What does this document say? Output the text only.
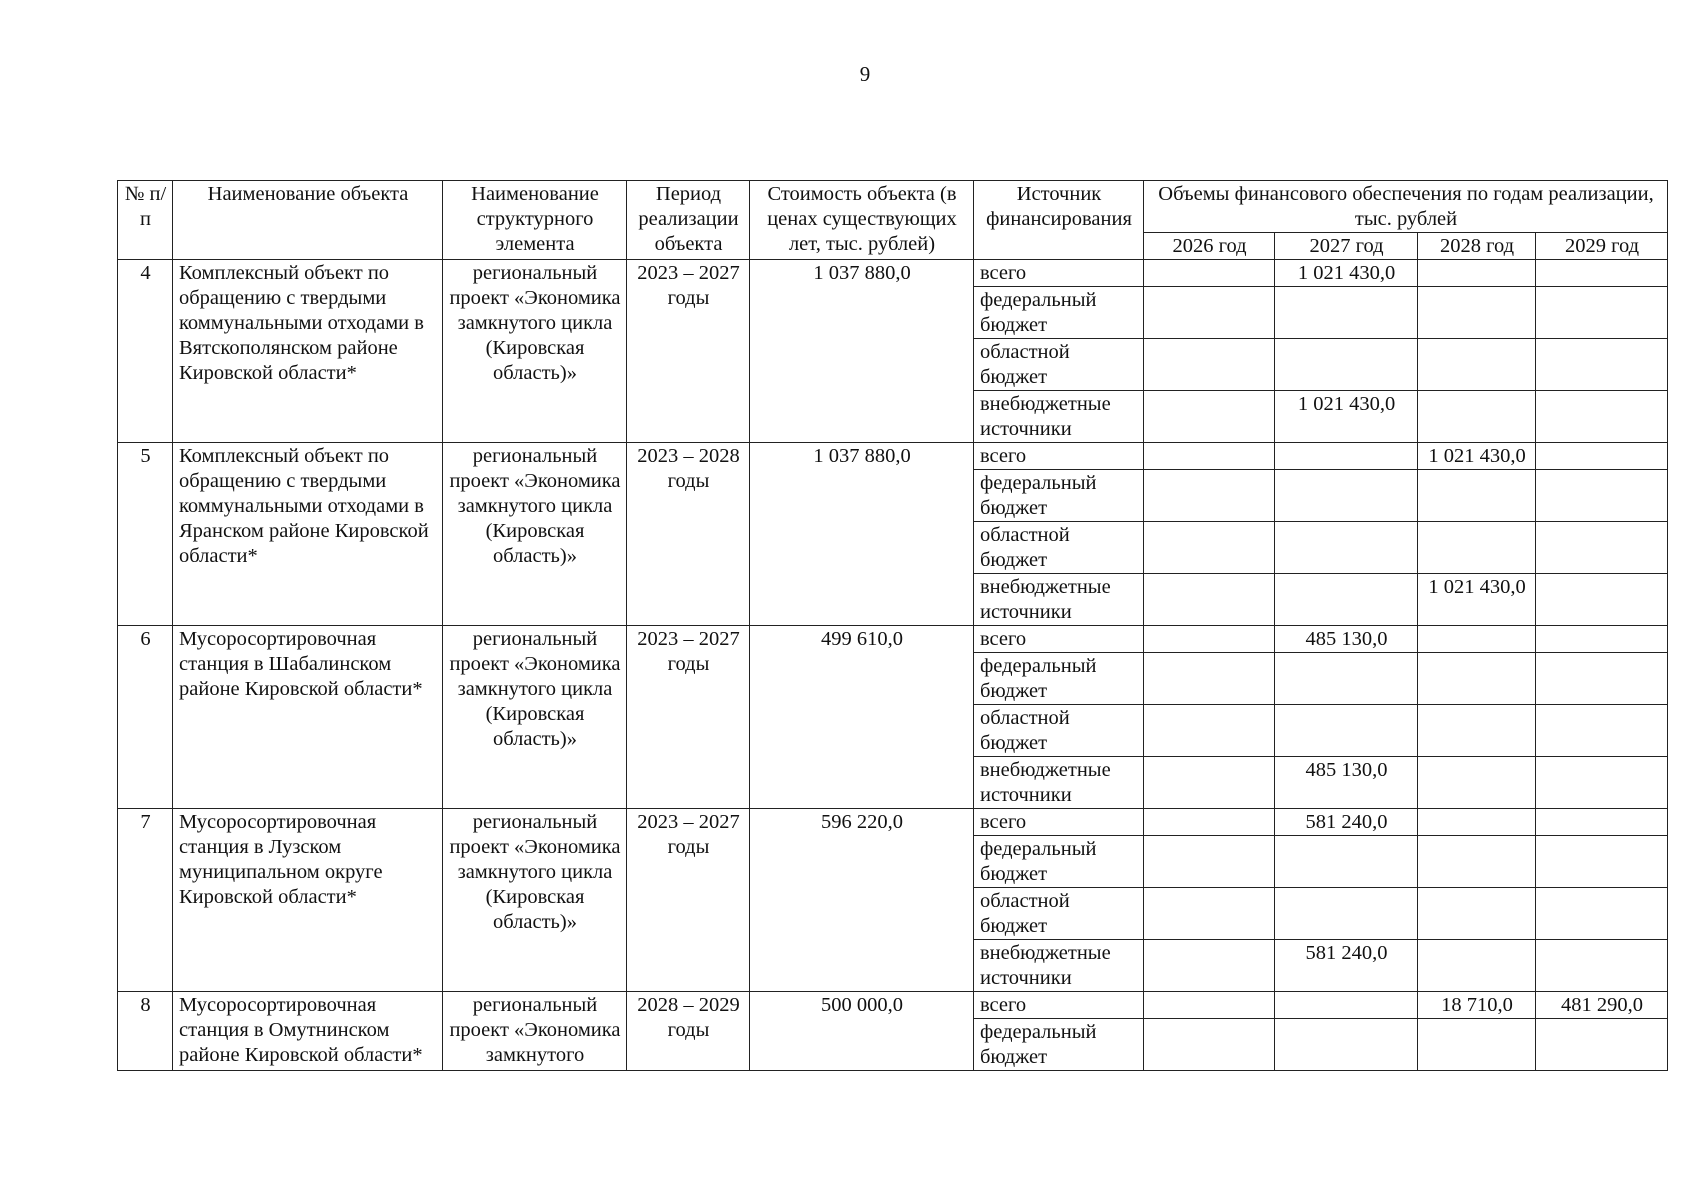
9
№ п/п	Наименование объекта	Наименование структурного элемента	Период реализации объекта	Стоимость объекта (в ценах существующих лет, тыс. рублей)	Источник финансирования	Объемы финансового обеспечения по годам реализации, тыс. рублей			
						2026 год	2027 год	2028 год	2029 год
4	Комплексный объект по обращению с твердыми коммунальными отходами в Вятскополянском районе Кировской области*	региональный проект «Экономика замкнутого цикла (Кировская область)»	2023 – 2027 годы	1 037 880,0	всего		1 021 430,0		
					федеральный бюджет				
					областной бюджет				
					внебюджетные источники		1 021 430,0		
5	Комплексный объект по обращению с твердыми коммунальными отходами в Яранском районе Кировской области*	региональный проект «Экономика замкнутого цикла (Кировская область)»	2023 – 2028 годы	1 037 880,0	всего			1 021 430,0	
					федеральный бюджет				
					областной бюджет				
					внебюджетные источники			1 021 430,0	
6	Мусоросортировочная станция в Шабалинском районе Кировской области*	региональный проект «Экономика замкнутого цикла (Кировская область)»	2023 – 2027 годы	499 610,0	всего		485 130,0		
					федеральный бюджет				
					областной бюджет				
					внебюджетные источники		485 130,0		
7	Мусоросортировочная станция в Лузском муниципальном округе Кировской области*	региональный проект «Экономика замкнутого цикла (Кировская область)»	2023 – 2027 годы	596 220,0	всего		581 240,0		
					федеральный бюджет				
					областной бюджет				
					внебюджетные источники		581 240,0		
8	Мусоросортировочная станция в Омутнинском районе Кировской области*	региональный проект «Экономика замкнутого	2028 – 2029 годы	500 000,0	всего			18 710,0	481 290,0
					федеральный бюджет				
